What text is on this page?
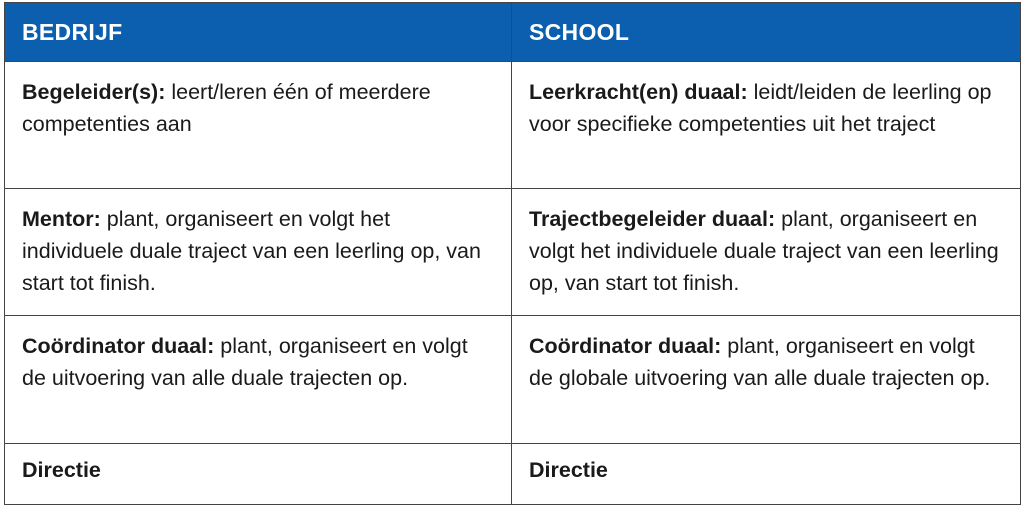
BEDRIJF	SCHOOL
Begeleider(s): leert/leren één of meerdere competenties aan	Leerkracht(en) duaal: leidt/leiden de leerling op voor specifieke competenties uit het traject
Mentor: plant, organiseert en volgt het individuele duale traject van een leerling op, van start tot finish.	Trajectbegeleider duaal: plant, organiseert en volgt het individuele duale traject van een leerling op, van start tot finish.
Coördinator duaal: plant, organiseert en volgt de uitvoering van alle duale trajecten op.	Coördinator duaal: plant, organiseert en volgt de globale uitvoering van alle duale trajecten op.
Directie	Directie
